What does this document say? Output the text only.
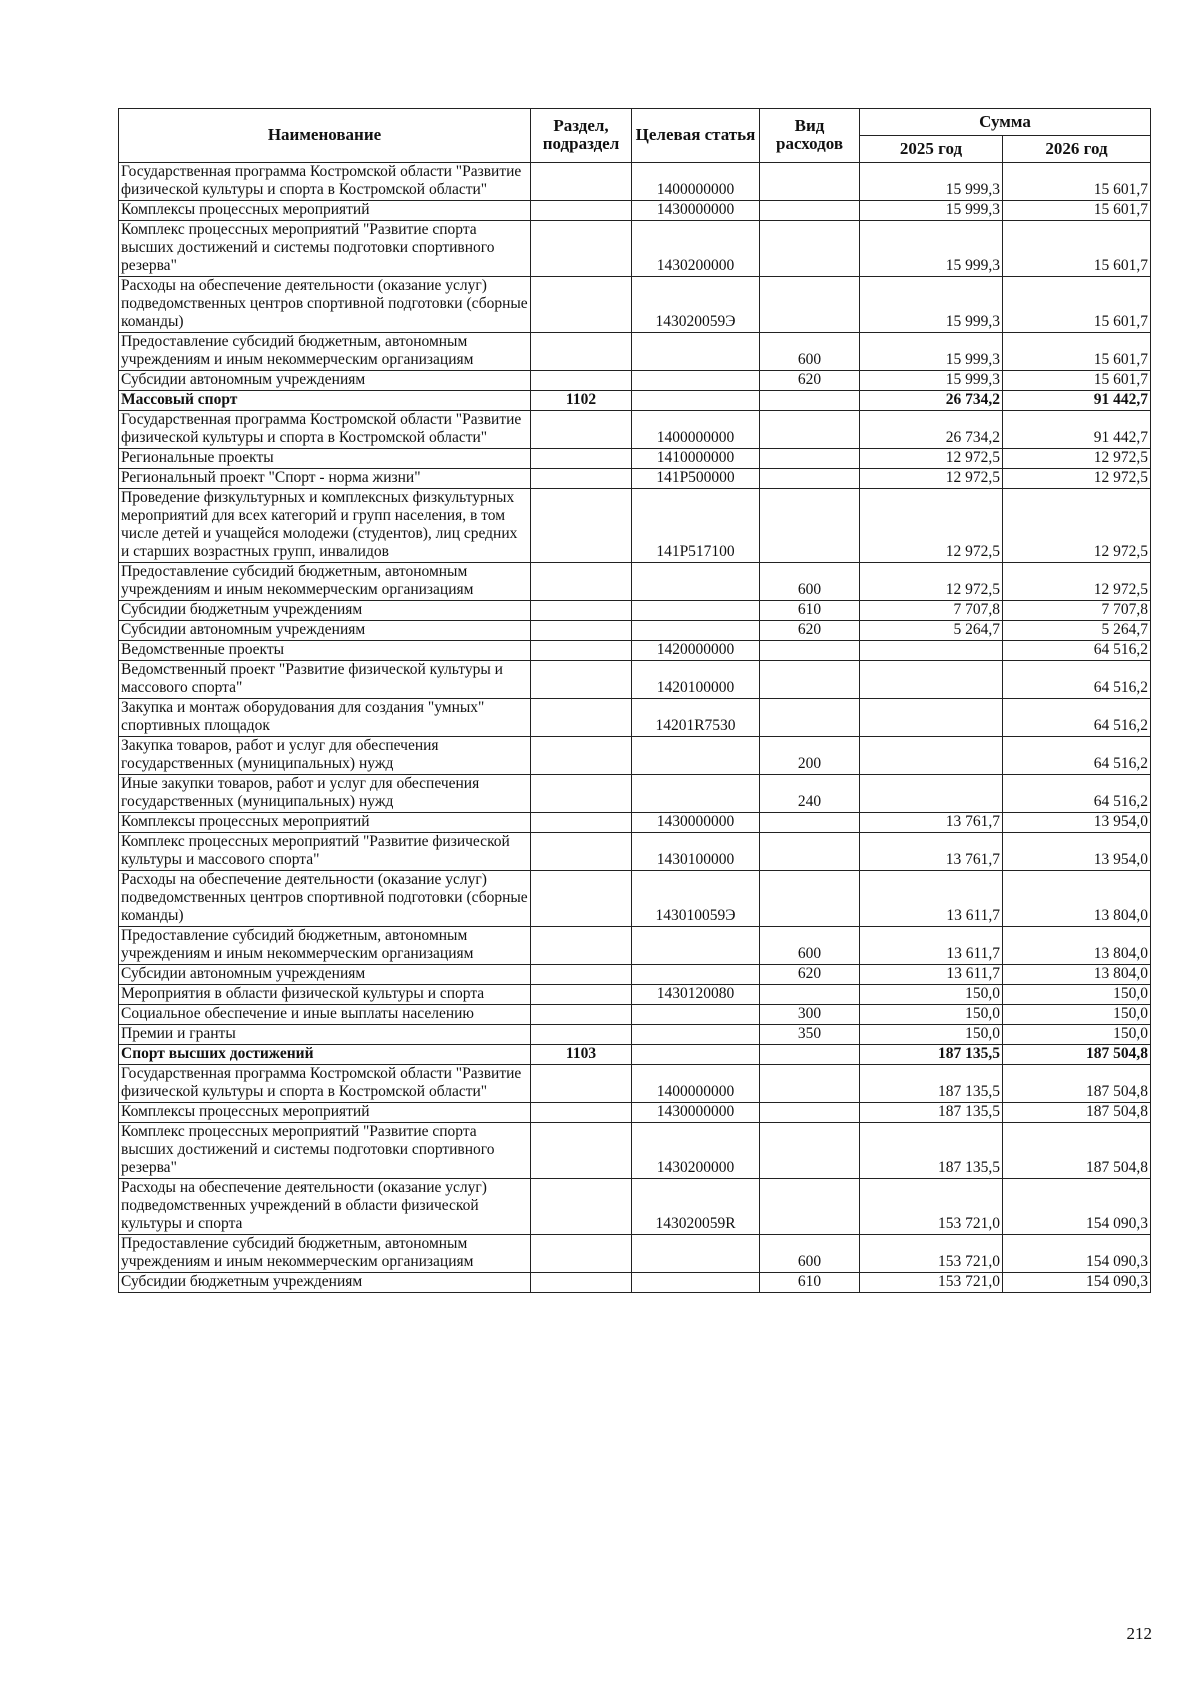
Наименование	Раздел, подраздел	Целевая статья	Вид расходов	Сумма	
				2025 год	2026 год
Государственная программа Костромской области "Развитие физической культуры и спорта в Костромской области"		1400000000		15 999,3	15 601,7
Комплексы процессных мероприятий		1430000000		15 999,3	15 601,7
Комплекс процессных мероприятий "Развитие спорта высших достижений и системы подготовки спортивного резерва"		1430200000		15 999,3	15 601,7
Расходы на обеспечение деятельности (оказание услуг) подведомственных центров спортивной подготовки (сборные команды)		143020059Э		15 999,3	15 601,7
Предоставление субсидий бюджетным, автономным учреждениям и иным некоммерческим организациям			600	15 999,3	15 601,7
Субсидии автономным учреждениям			620	15 999,3	15 601,7
Массовый спорт	1102			26 734,2	91 442,7
Государственная программа Костромской области "Развитие физической культуры и спорта в Костромской области"		1400000000		26 734,2	91 442,7
Региональные проекты		1410000000		12 972,5	12 972,5
Региональный проект "Спорт - норма жизни"		141P500000		12 972,5	12 972,5
Проведение физкультурных и комплексных физкультурных мероприятий для всех категорий и групп населения, в том числе детей и учащейся молодежи (студентов), лиц средних и старших возрастных групп, инвалидов		141P517100		12 972,5	12 972,5
Предоставление субсидий бюджетным, автономным учреждениям и иным некоммерческим организациям			600	12 972,5	12 972,5
Субсидии бюджетным учреждениям			610	7 707,8	7 707,8
Субсидии автономным учреждениям			620	5 264,7	5 264,7
Ведомственные проекты		1420000000			64 516,2
Ведомственный проект "Развитие физической культуры и массового спорта"		1420100000			64 516,2
Закупка и монтаж оборудования для создания "умных" спортивных площадок		14201R7530			64 516,2
Закупка товаров, работ и услуг для обеспечения государственных (муниципальных) нужд			200		64 516,2
Иные закупки товаров, работ и услуг для обеспечения государственных (муниципальных) нужд			240		64 516,2
Комплексы процессных мероприятий		1430000000		13 761,7	13 954,0
Комплекс процессных мероприятий "Развитие физической культуры и массового спорта"		1430100000		13 761,7	13 954,0
Расходы на обеспечение деятельности (оказание услуг) подведомственных центров спортивной подготовки (сборные команды)		143010059Э		13 611,7	13 804,0
Предоставление субсидий бюджетным, автономным учреждениям и иным некоммерческим организациям			600	13 611,7	13 804,0
Субсидии автономным учреждениям			620	13 611,7	13 804,0
Мероприятия в области физической культуры и спорта		1430120080		150,0	150,0
Социальное обеспечение и иные выплаты населению			300	150,0	150,0
Премии и гранты			350	150,0	150,0
Спорт высших достижений	1103			187 135,5	187 504,8
Государственная программа Костромской области "Развитие физической культуры и спорта в Костромской области"		1400000000		187 135,5	187 504,8
Комплексы процессных мероприятий		1430000000		187 135,5	187 504,8
Комплекс процессных мероприятий "Развитие спорта высших достижений и системы подготовки спортивного резерва"		1430200000		187 135,5	187 504,8
Расходы на обеспечение деятельности (оказание услуг) подведомственных учреждений в области физической культуры и спорта		143020059R		153 721,0	154 090,3
Предоставление субсидий бюджетным, автономным учреждениям и иным некоммерческим организациям			600	153 721,0	154 090,3
Субсидии бюджетным учреждениям			610	153 721,0	154 090,3
212
